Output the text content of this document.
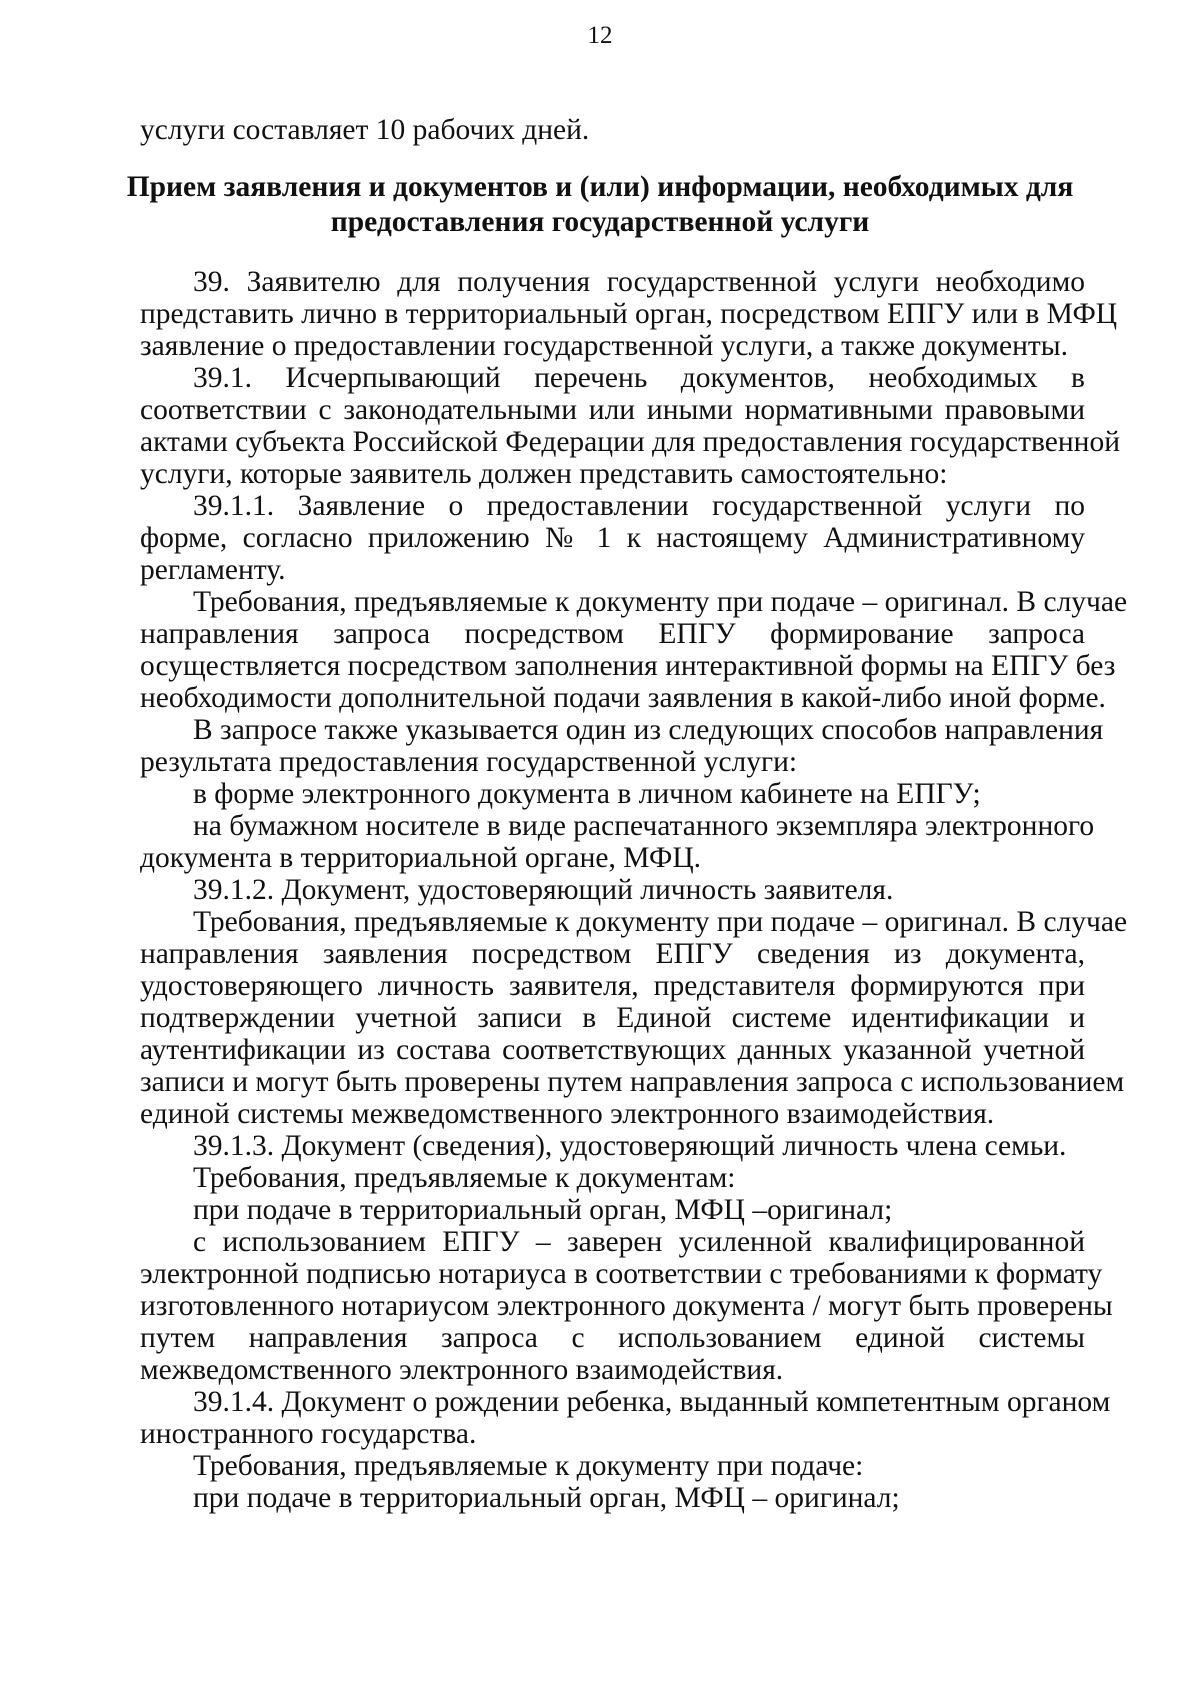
12
услуги составляет 10 рабочих дней.
Прием заявления и документов и (или) информации, необходимых для
предоставления государственной услуги
39. Заявителю для получения государственной услуги необходимо
представить лично в территориальный орган, посредством ЕПГУ или в МФЦ
заявление о предоставлении государственной услуги, а также документы.
39.1. Исчерпывающий перечень документов, необходимых в
соответствии с законодательными или иными нормативными правовыми
актами субъекта Российской Федерации для предоставления государственной
услуги, которые заявитель должен представить самостоятельно:
39.1.1. Заявление о предоставлении государственной услуги по
форме, согласно приложению № 1 к настоящему Административному
регламенту.
Требования, предъявляемые к документу при подаче – оригинал. В случае
направления запроса посредством ЕПГУ формирование запроса
осуществляется посредством заполнения интерактивной формы на ЕПГУ без
необходимости дополнительной подачи заявления в какой-либо иной форме.
В запросе также указывается один из следующих способов направления
результата предоставления государственной услуги:
в форме электронного документа в личном кабинете на ЕПГУ;
на бумажном носителе в виде распечатанного экземпляра электронного
документа в территориальной органе, МФЦ.
39.1.2. Документ, удостоверяющий личность заявителя.
Требования, предъявляемые к документу при подаче – оригинал. В случае
направления заявления посредством ЕПГУ сведения из документа,
удостоверяющего личность заявителя, представителя формируются при
подтверждении учетной записи в Единой системе идентификации и
аутентификации из состава соответствующих данных указанной учетной
записи и могут быть проверены путем направления запроса с использованием
единой системы межведомственного электронного взаимодействия.
39.1.3. Документ (сведения), удостоверяющий личность члена семьи.
Требования, предъявляемые к документам:
при подаче в территориальный орган, МФЦ –оригинал;
с использованием ЕПГУ – заверен усиленной квалифицированной
электронной подписью нотариуса в соответствии с требованиями к формату
изготовленного нотариусом электронного документа / могут быть проверены
путем направления запроса с использованием единой системы
межведомственного электронного взаимодействия.
39.1.4. Документ о рождении ребенка, выданный компетентным органом
иностранного государства.
Требования, предъявляемые к документу при подаче:
при подаче в территориальный орган, МФЦ – оригинал;
